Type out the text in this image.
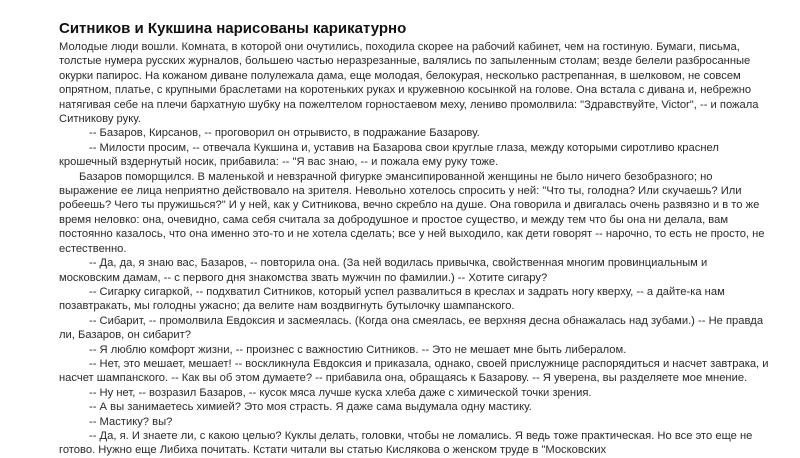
Ситников и Кукшина нарисованы карикатурно

Молодые люди вошли. Комната, в которой они очутились, походила скорее на рабочий кабинет, чем на гостиную. Бумаги, письма, толстые нумера русских журналов, большею частью неразрезанные, валялись по запыленным столам; везде белели разбросанные окурки папирос. На кожаном диване полулежала дама, еще молодая, белокурая, несколько растрепанная, в шелковом, не совсем опрятном, платье, с крупными браслетами на коротеньких руках и кружевною косынкой на голове. Она встала с дивана и, небрежно натягивая себе на плечи бархатную шубку на пожелтелом горностаевом меху, лениво промолвила: "Здравствуйте, Victor", -- и пожала Ситникову руку.

-- Базаров, Кирсанов, -- проговорил он отрывисто, в подражание Базарову.

-- Милости просим, -- отвечала Кукшина и, уставив на Базарова свои круглые глаза, между которыми сиротливо краснел крошечный вздернутый носик, прибавила: -- "Я вас знаю, -- и пожала ему руку тоже.

Базаров поморщился. В маленькой и невзрачной фигурке эмансипированной женщины не было ничего безобразного; но выражение ее лица неприятно действовало на зрителя. Невольно хотелось спросить у ней: "Что ты, голодна? Или скучаешь? Или робеешь? Чего ты пружишься?" И у ней, как у Ситникова, вечно скребло на душе. Она говорила и двигалась очень развязно и в то же время неловко: она, очевидно, сама себя считала за добродушное и простое существо, и между тем что бы она ни делала, вам постоянно казалось, что она именно это-то и не хотела сделать; все у ней выходило, как дети говорят -- нарочно, то есть не просто, не естественно.

-- Да, да, я знаю вас, Базаров, -- повторила она. (За ней водилась привычка, свойственная многим провинциальным и московским дамам, -- с первого дня знакомства звать мужчин по фамилии.) -- Хотите сигару?

-- Сигарку сигаркой, -- подхватил Ситников, который успел развалиться в креслах и задрать ногу кверху, -- а дайте-ка нам позавтракать, мы голодны ужасно; да велите нам воздвигнуть бутылочку шампанского.

-- Сибарит, -- промолвила Евдоксия и засмеялась. (Когда она смеялась, ее верхняя десна обнажалась над зубами.) -- Не правда ли, Базаров, он сибарит?

-- Я люблю комфорт жизни, -- произнес с важностию Ситников. -- Это не мешает мне быть либералом.

-- Нет, это мешает, мешает! -- воскликнула Евдоксия и приказала, однако, своей прислужнице распорядиться и насчет завтрака, и насчет шампанского. -- Как вы об этом думаете? -- прибавила она, обращаясь к Базарову. -- Я уверена, вы разделяете мое мнение.

-- Ну нет, -- возразил Базаров, -- кусок мяса лучше куска хлеба даже с химической точки зрения.

-- А вы занимаетесь химией? Это моя страсть. Я даже сама выдумала одну мастику.

-- Мастику? вы?

-- Да, я. И знаете ли, с какою целью? Куклы делать, головки, чтобы не ломались. Я ведь тоже практическая. Но все это еще не готово. Нужно еще Либиха почитать. Кстати читали вы статью Кислякова о женском труде в "Московских
